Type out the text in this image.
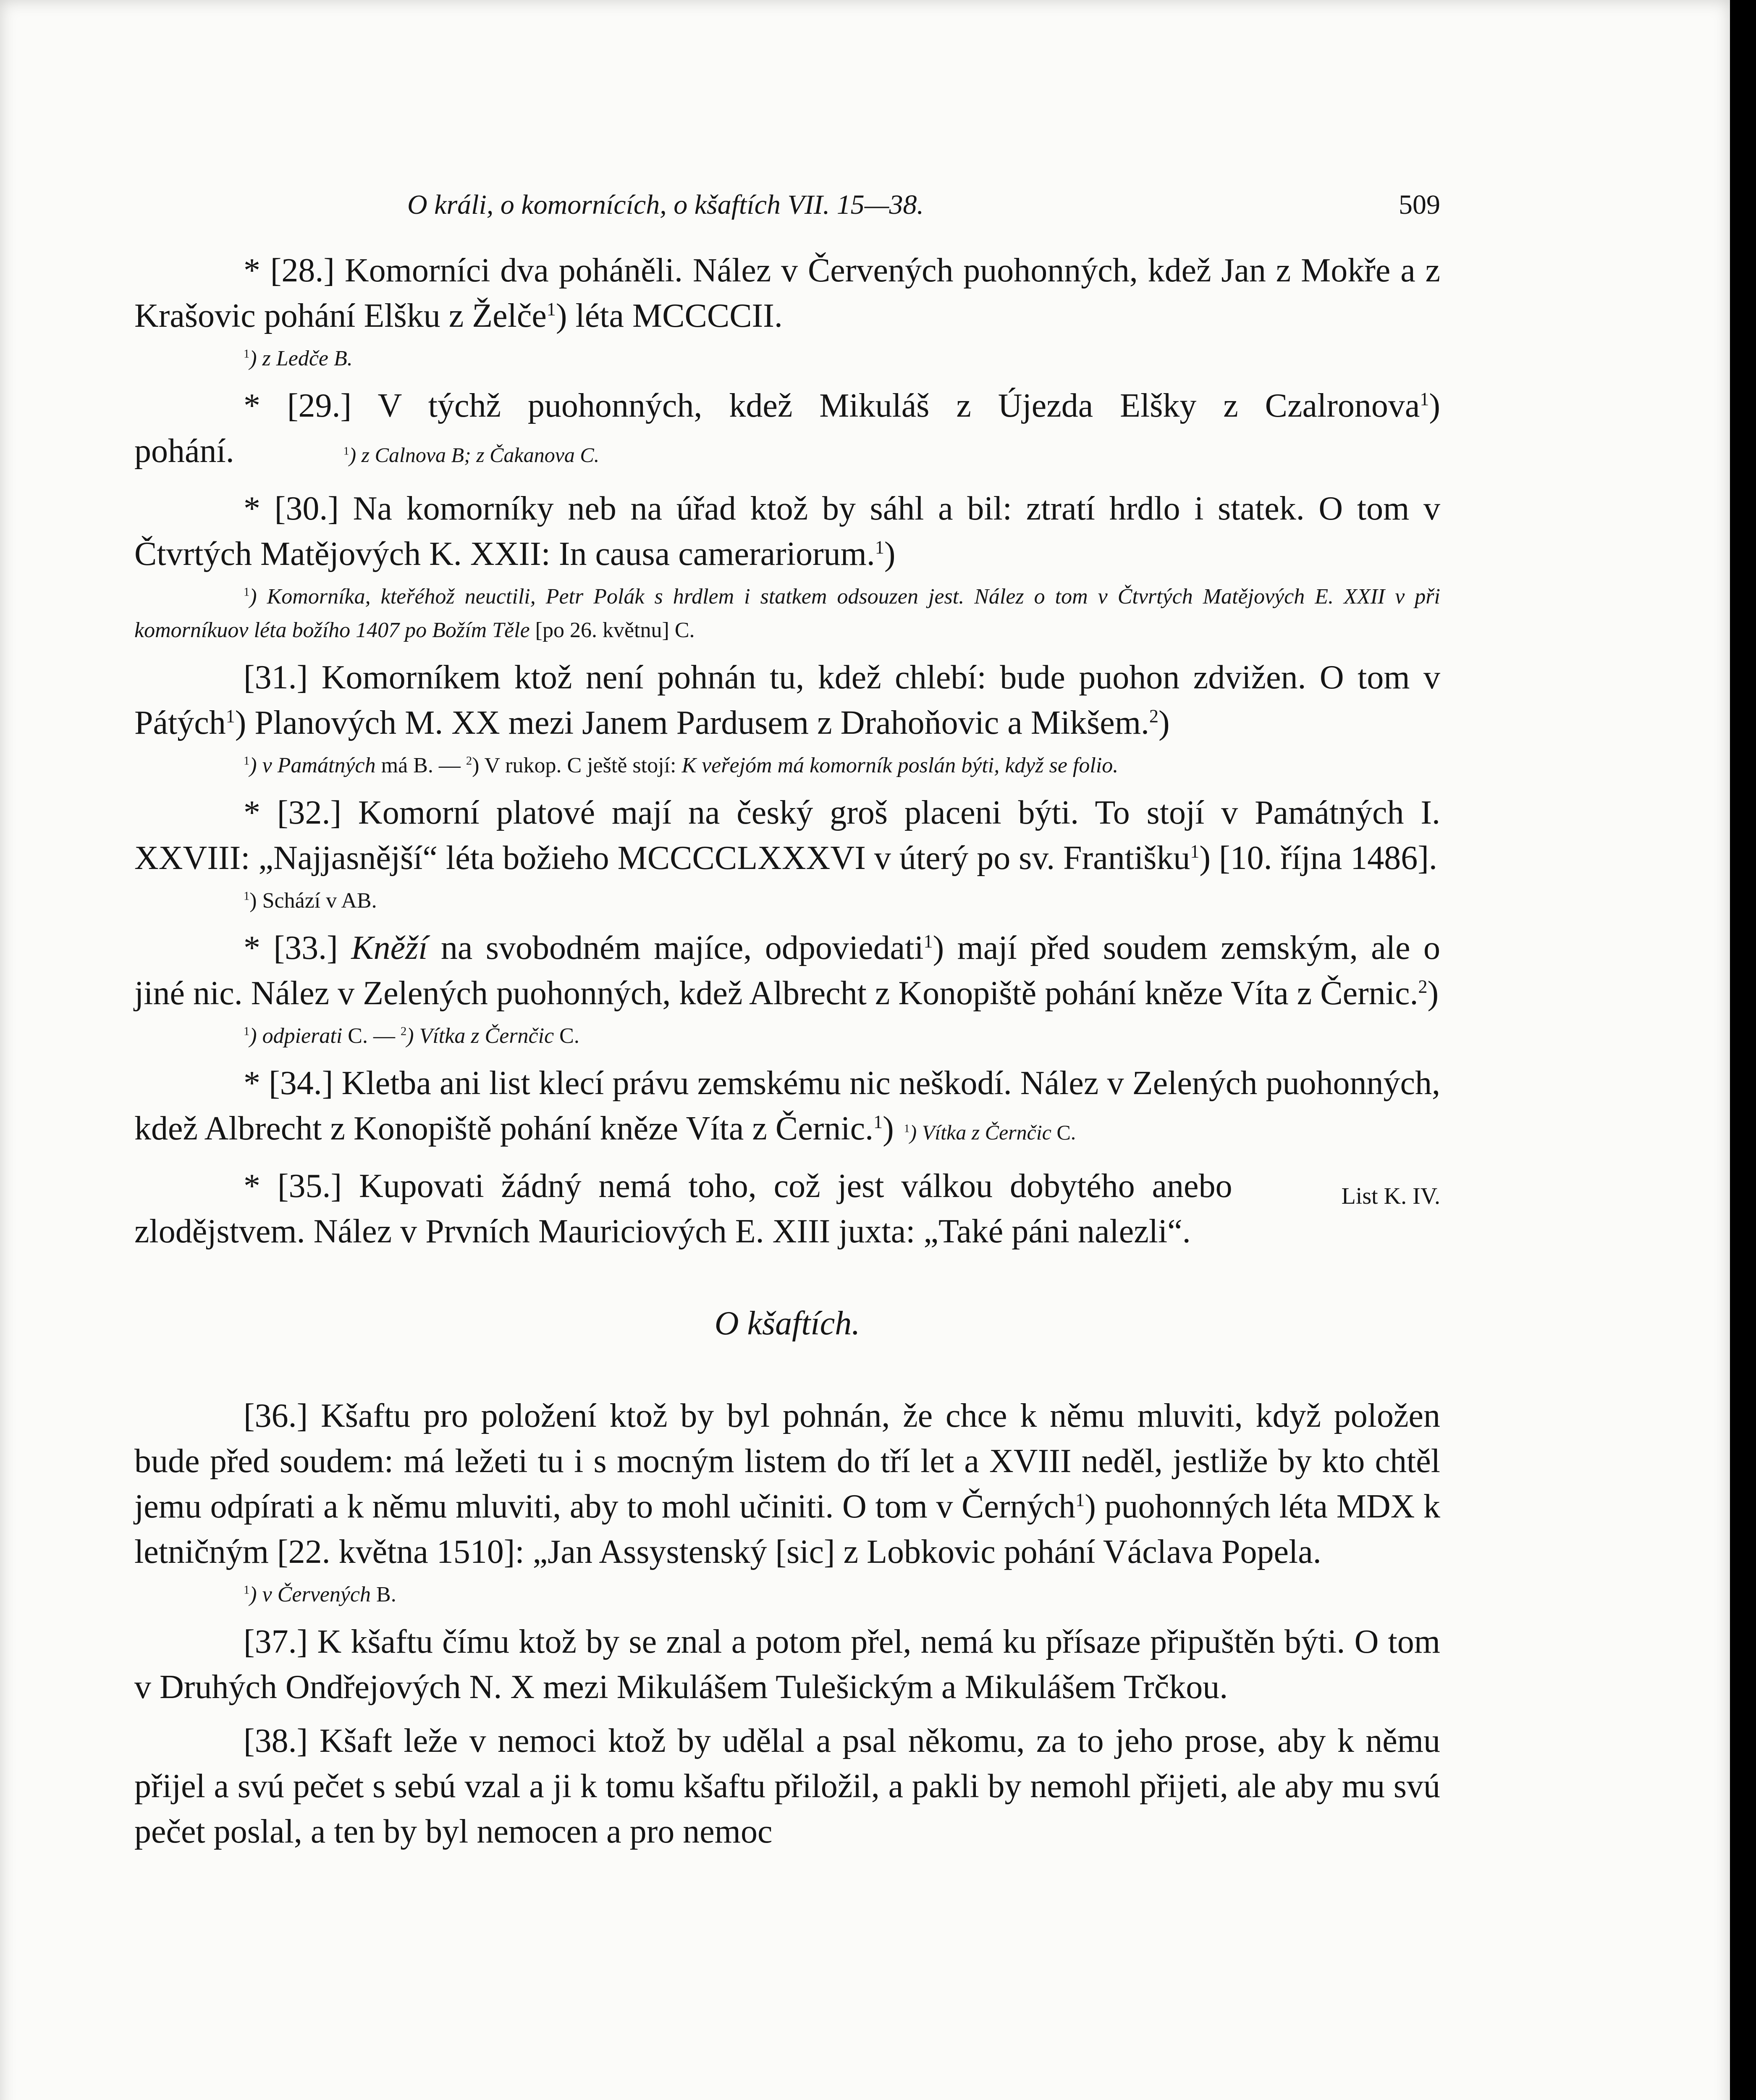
O králi, o komornících, o kšaftích VII. 15—38.	509

* [28.] Komorníci dva poháněli. Nález v Červených puohonných, kdež Jan z Mokře a z Krašovic pohání Elšku z Želče$^1$) léta MCCCCII.

$^1$) z Ledče B.

* [29.] V týchž puohonných, kdež Mikuláš z Újezda Elšky z Czalronova$^1$) pohání.	$^1$) z Calnova B; z Čakanova C.

* [30.] Na komorníky neb na úřad ktož by sáhl a bil: ztratí hrdlo i statek. O tom v Čtvrtých Matějových K. XXII: In causa camerariorum.$^1$)

$^1$) Komorníka, kteřéhož neuctili, Petr Polák s hrdlem i statkem odsouzen jest. Nález o tom v Čtvrtých Matějových E. XXII v při komorníkuov léta božího 1407 po Božím Těle [po 26. květnu] C.

[31.] Komorníkem ktož není pohnán tu, kdež chlebí: bude puohon zdvižen. O tom v Pátých$^1$) Planových M. XX mezi Janem Pardusem z Drahoňovic a Mikšem.$^2$)

$^1$) v Památných má B. — $^2$) V rukop. C ještě stojí: K veřejóm má komorník poslán býti, když se folio.

* [32.] Komorní platové mají na český groš placeni býti. To stojí v Památných I. XXVIII: „Najjasnější“ léta božieho MCCCCLXXXVI v úterý po sv. Františku$^1$) [10. října 1486].

$^1$) Schází v AB.

* [33.] Kněží na svobodném majíce, odpoviedati$^1$) mají před soudem zemským, ale o jiné nic. Nález v Zelených puohonných, kdež Albrecht z Konopiště pohání kněze Víta z Černic.$^2$)

$^1$) odpierati C. — $^2$) Vítka z Černčic C.

* [34.] Kletba ani list klecí právu zemskému nic neškodí. Nález v Zelených puohonných, kdež Albrecht z Konopiště pohání kněze Víta z Černic.$^1$) $^1$) Vítka z Černčic C.

List K. IV.
* [35.] Kupovati žádný nemá toho, což jest válkou dobytého anebo zlodějstvem. Nález v Prvních Mauriciových E. XIII juxta: „Také páni nalezli“.

O kšaftích.

[36.] Kšaftu pro položení ktož by byl pohnán, že chce k němu mluviti, když položen bude před soudem: má ležeti tu i s mocným listem do tří let a XVIII neděl, jestliže by kto chtěl jemu odpírati a k němu mluviti, aby to mohl učiniti. O tom v Černých$^1$) puohonných léta MDX k letničným [22. května 1510]: „Jan Assystenský [sic] z Lobkovic pohání Václava Popela.

$^1$) v Červených B.

[37.] K kšaftu čímu ktož by se znal a potom přel, nemá ku přísaze připuštěn býti. O tom v Druhých Ondřejových N. X mezi Mikulášem Tulešickým a Mikulášem Trčkou.

[38.] Kšaft leže v nemoci ktož by udělal a psal někomu, za to jeho prose, aby k němu přijel a svú pečet s sebú vzal a ji k tomu kšaftu přiložil, a pakli by nemohl přijeti, ale aby mu svú pečet poslal, a ten by byl nemocen a pro nemoc
